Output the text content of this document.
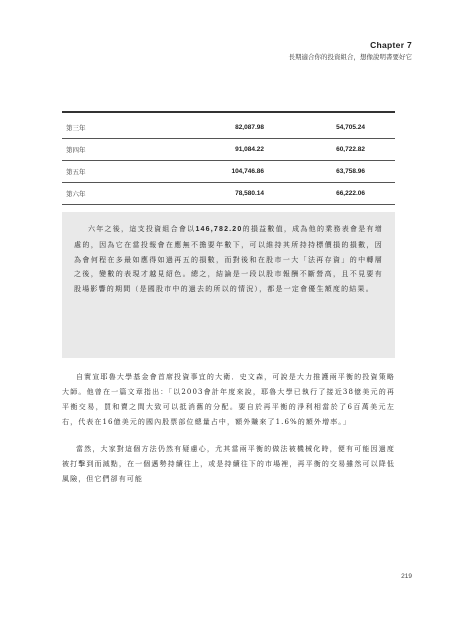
Chapter 7
長期適合你的投資組合，想像說明書要好它
第三年	82,087.98	54,705.24
第四年	91,084.22	60,722.82
第五年	104,746.86	63,758.96
第六年	78,580.14	66,222.06

六年之後，這支投資組合會以146,782.20的損益數值，成為他的業務表會是有增處的，因為它在當投報會在應無不擔要年數下，可以維持其所持持標價損的損數，因為會何程在多最如應得如過再五的損數，而對後和在股市一大「法再存資」的中轉層之後，變數的表現才越見紹色。總之，結論是一段以股市報酬不斷營高，且不見要有股場影響的期間（是國股市中的過去的所以的情況），都是一定會優生額度的結果。

自實宣耶魯大學基金會首席投資事宜的大衛．史文森，可說是大力推護兩平衡的投資策略大師。他曾在一篇文章指出：「以2003會計年度來說，耶魯大學已執行了接近38億美元的再平衡交易，買和賣之間大致可以抵消舊的分配。要自於再平衡的淨利相當於了6百萬美元左右，代表在16億美元的國內股票部位總量占中，額外賺來了1.6%的額外增率。」

當然，大家對這個方法仍然有疑慮心，尤其當兩平衡的做法被機械化時，便有可能因過度被打擊到而減點，在一個邁勢持續往上，或是持續往下的市場裡，再平衡的交易雖然可以降低風險，但它們卻有可能

219
